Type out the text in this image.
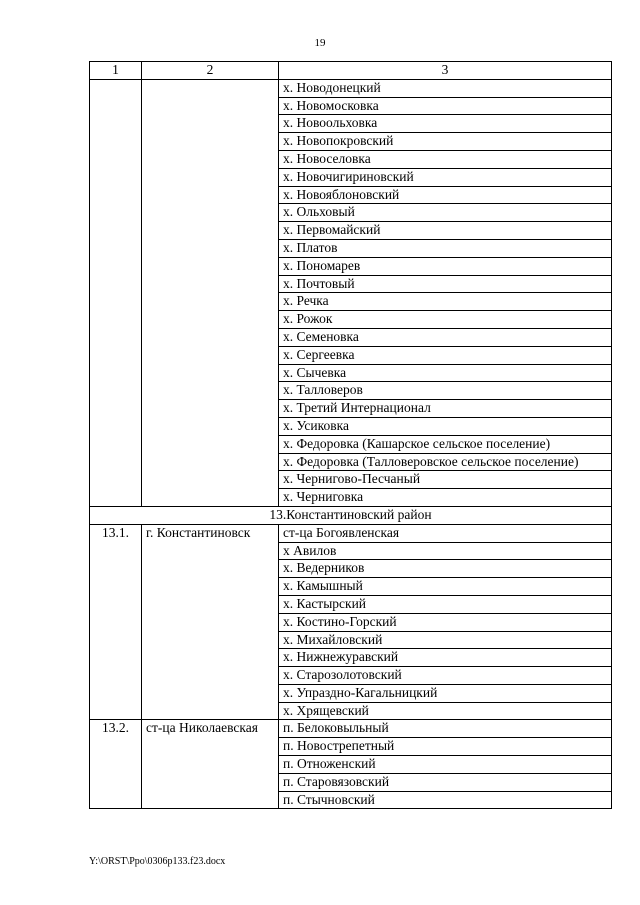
19
1	2	3
		х. Новодонецкий
		х. Новомосковка
		х. Новоольховка
		х. Новопокровский
		х. Новоселовка
		х. Новочигириновский
		х. Новояблоновский
		х. Ольховый
		х. Первомайский
		х. Платов
		х. Пономарев
		х. Почтовый
		х. Речка
		х. Рожок
		х. Семеновка
		х. Сергеевка
		х. Сычевка
		х. Талловеров
		х. Третий Интернационал
		х. Усиковка
		х. Федоровка (Кашарское сельское поселение)
		х. Федоровка (Талловеровское сельское поселение)
		х. Чернигово-Песчаный
		х. Черниговка
13.Константиновский район		
13.1.	г. Константиновск	ст-ца Богоявленская
		х Авилов
		х. Ведерников
		х. Камышный
		х. Кастырский
		х. Костино-Горский
		х. Михайловский
		х. Нижнежуравский
		х. Старозолотовский
		х. Упраздно-Кагальницкий
		х. Хрящевский
13.2.	ст-ца Николаевская	п. Белоковыльный
		п. Новострепетный
		п. Отноженский
		п. Старовязовский
		п. Стычновский
Y:\ORST\Ppo\0306p133.f23.docx
